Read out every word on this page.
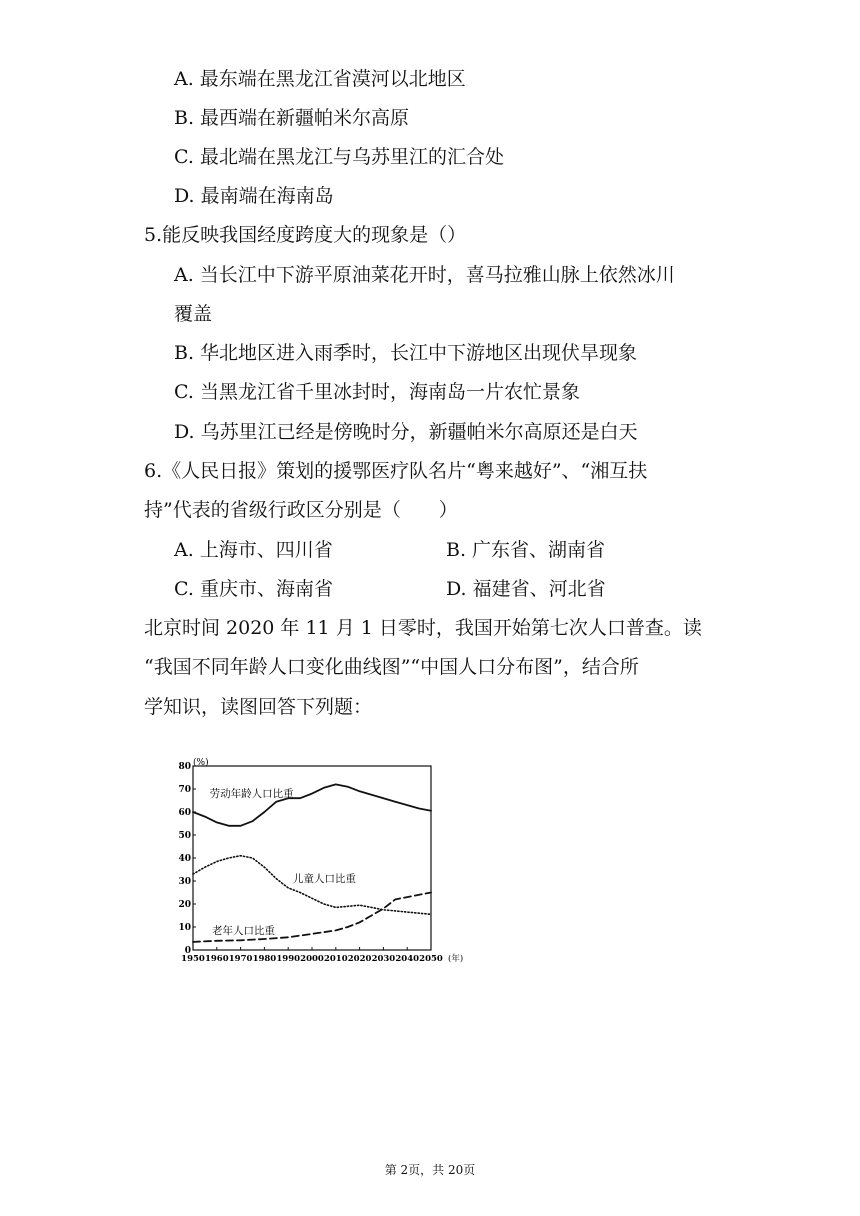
A. 最东端在黑龙江省漠河以北地区
B. 最西端在新疆帕米尔高原
C. 最北端在黑龙江与乌苏里江的汇合处
D. 最南端在海南岛
5.能反映我国经度跨度大的现象是（）
A. 当长江中下游平原油菜花开时，喜马拉雅山脉上依然冰川
覆盖
B. 华北地区进入雨季时，长江中下游地区出现伏旱现象
C. 当黑龙江省千里冰封时，海南岛一片农忙景象
D. 乌苏里江已经是傍晚时分，新疆帕米尔高原还是白天
6.《人民日报》策划的援鄂医疗队名片“粤来越好”、“湘互扶
持”代表的省级行政区分别是（　　）
A. 上海市、四川省	B. 广东省、湖南省
C. 重庆市、海南省	D. 福建省、河北省
北京时间 2020 年 11 月 1 日零时，我国开始第七次人口普查。读
“我国不同年龄人口变化曲线图”“中国人口分布图”，结合所
学知识，读图回答下列题：
0
10
20
30
40
50
60
70
80
1950 1960 1970 1980 1990 2000 2010 2020 2030 2040 2050
(%)
(年)
劳动年龄人口比重
儿童人口比重
老年人口比重
第 2页，共 20页
